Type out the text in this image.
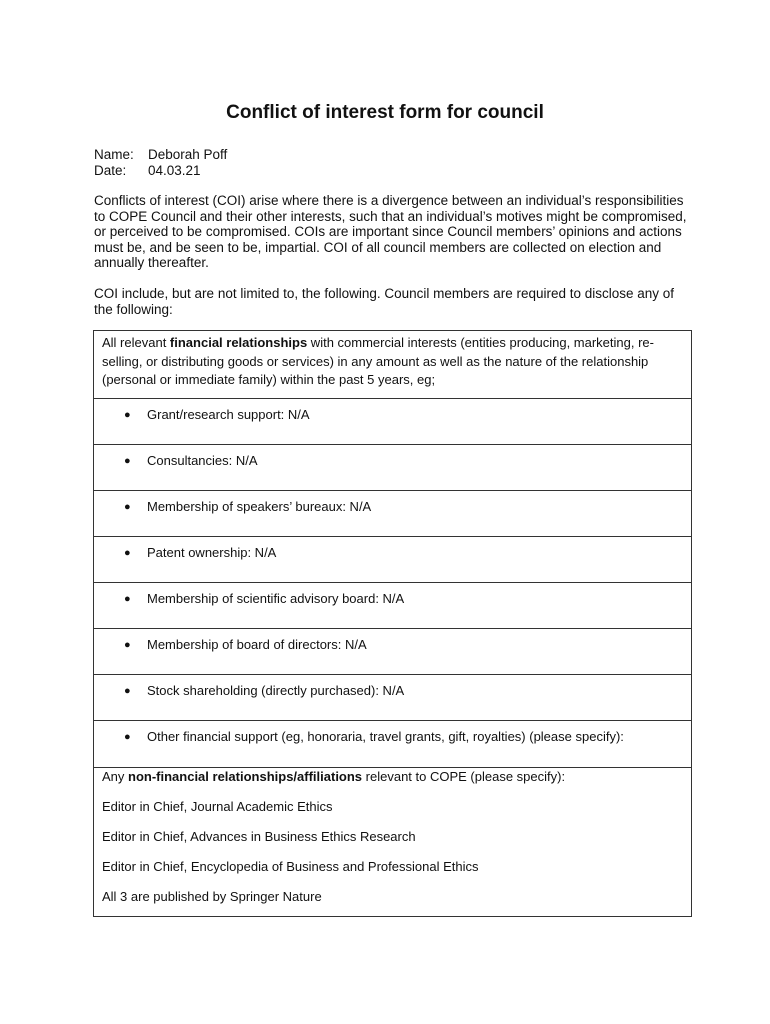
Conflict of interest form for council
Name:	Deborah Poff
Date:	04.03.21

Conflicts of interest (COI) arise where there is a divergence between an individual’s responsibilities to COPE Council and their other interests, such that an individual’s motives might be compromised, or perceived to be compromised. COIs are important since Council members’ opinions and actions must be, and be seen to be, impartial. COI of all council members are collected on election and annually thereafter.

COI include, but are not limited to, the following. Council members are required to disclose any of the following:

All relevant financial relationships with commercial interests (entities producing, marketing, re-selling, or distributing goods or services) in any amount as well as the nature of the relationship (personal or immediate family) within the past 5 years, eg;
● Grant/research support: N/A
● Consultancies: N/A
● Membership of speakers’ bureaux: N/A
● Patent ownership: N/A
● Membership of scientific advisory board: N/A
● Membership of board of directors: N/A
● Stock shareholding (directly purchased): N/A
● Other financial support (eg, honoraria, travel grants, gift, royalties) (please specify):
Any non-financial relationships/affiliations relevant to COPE (please specify):
Editor in Chief, Journal Academic Ethics
Editor in Chief, Advances in Business Ethics Research
Editor in Chief, Encyclopedia of Business and Professional Ethics
All 3 are published by Springer Nature
